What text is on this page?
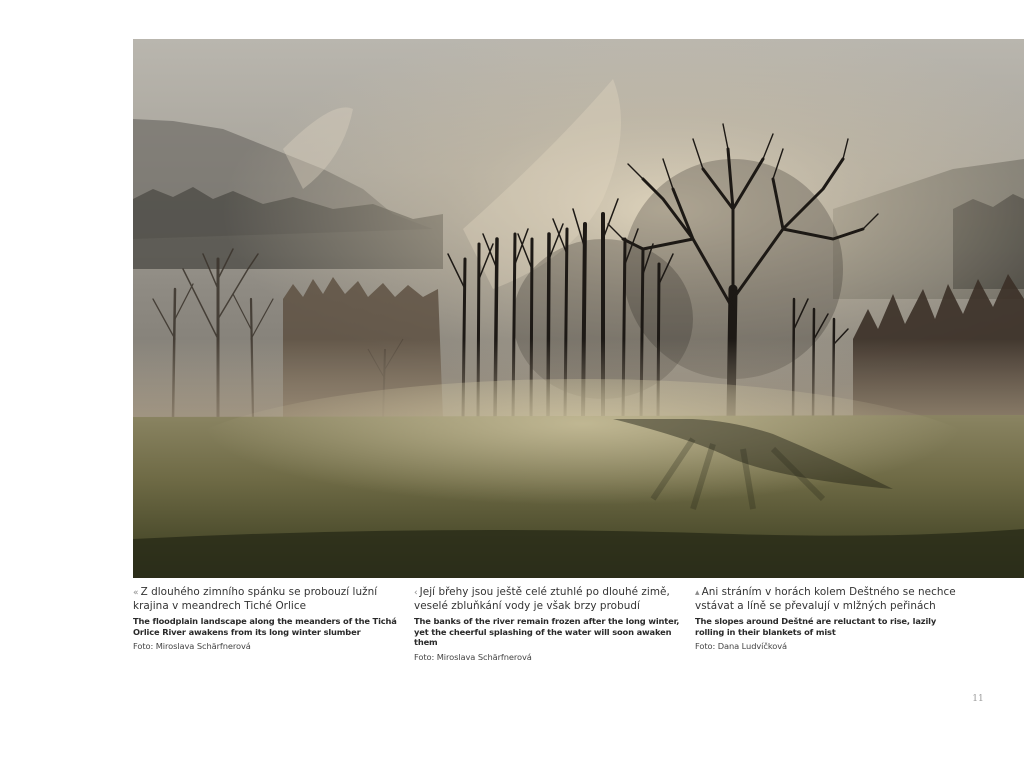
« Z dlouhého zimního spánku se probouzí lužní krajina v meandrech Tiché Orlice

The floodplain landscape along the meanders of the Tichá Orlice River awakens from its long winter slumber

Foto: Miroslava Schärfnerová

‹ Její břehy jsou ještě celé ztuhlé po dlouhé zimě, veselé zbluňkání vody je však brzy probudí

The banks of the river remain frozen after the long winter, yet the cheerful splashing of the water will soon awaken them

Foto: Miroslava Schärfnerová

▴ Ani stráním v horách kolem Deštného se nechce vstávat a líně se převalují v mlžných peřinách

The slopes around Deštné are reluctant to rise, lazily rolling in their blankets of mist

Foto: Dana Ludvíčková

11
